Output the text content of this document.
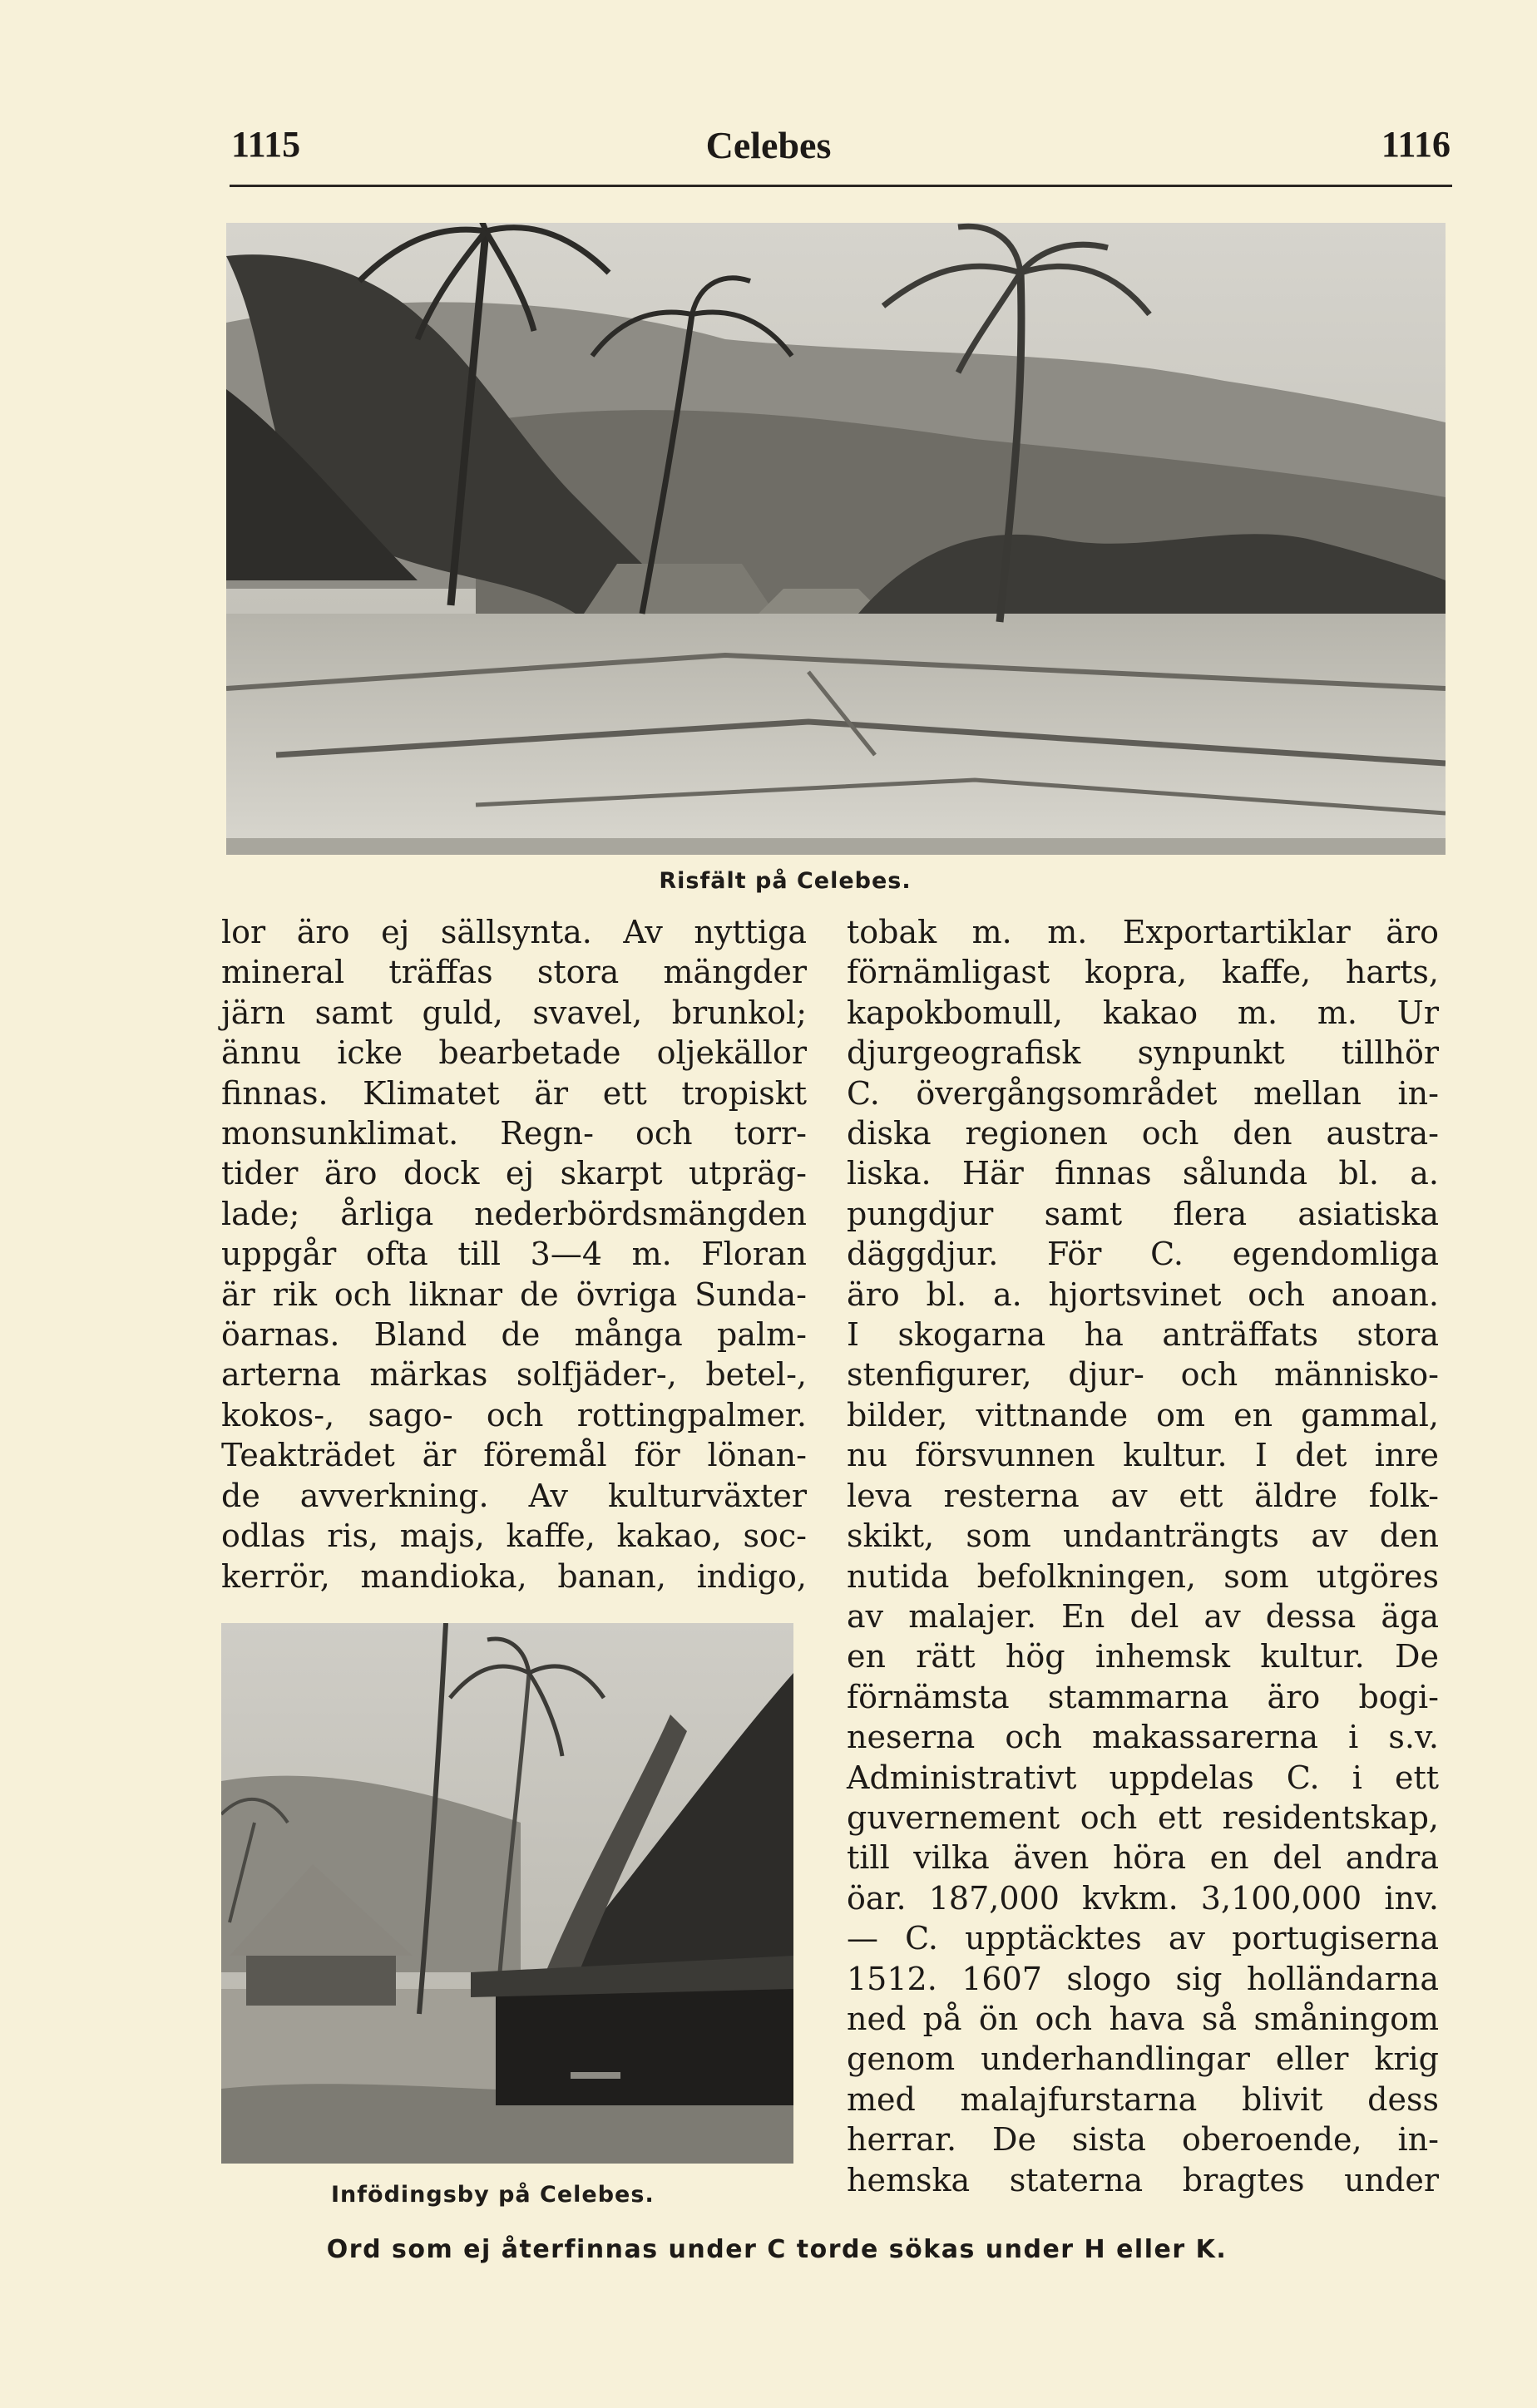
Celebes
1115	1116
Risfält på Celebes.
lor äro ej sällsynta. Av nyttiga
mineral träffas stora mängder
järn samt guld, svavel, brunkol;
ännu icke bearbetade oljekällor
finnas. Klimatet är ett tropiskt
monsunklimat. Regn- och torr-
tider äro dock ej skarpt utpräg-
lade; årliga nederbördsmängden
uppgår ofta till 3—4 m. Floran
är rik och liknar de övriga Sunda-
öarnas. Bland de många palm-
arterna märkas solfjäder-, betel-,
kokos-, sago- och rottingpalmer.
Teakträdet är föremål för lönan-
de avverkning. Av kulturväxter
odlas ris, majs, kaffe, kakao, soc-
kerrör, mandioka, banan, indigo,
Infödingsby på Celebes.
tobak m. m. Exportartiklar äro
förnämligast kopra, kaffe, harts,
kapokbomull, kakao m. m. Ur
djurgeografisk synpunkt tillhör
C. övergångsområdet mellan in-
diska regionen och den austra-
liska. Här finnas sålunda bl. a.
pungdjur samt flera asiatiska
däggdjur. För C. egendomliga
äro bl. a. hjortsvinet och anoan.
I skogarna ha anträffats stora
stenfigurer, djur- och människo-
bilder, vittnande om en gammal,
nu försvunnen kultur. I det inre
leva resterna av ett äldre folk-
skikt, som undanträngts av den
nutida befolkningen, som utgöres
av malajer. En del av dessa äga
en rätt hög inhemsk kultur. De
förnämsta stammarna äro bogi-
neserna och makassarerna i s.v.
Administrativt uppdelas C. i ett
guvernement och ett residentskap,
till vilka även höra en del andra
öar. 187,000 kvkm. 3,100,000 inv.
— C. upptäcktes av portugiserna
1512. 1607 slogo sig holländarna
ned på ön och hava så småningom
genom underhandlingar eller krig
med malajfurstarna blivit dess
herrar. De sista oberoende, in-
hemska staterna bragtes under
Ord som ej återfinnas under C torde sökas under H eller K.
